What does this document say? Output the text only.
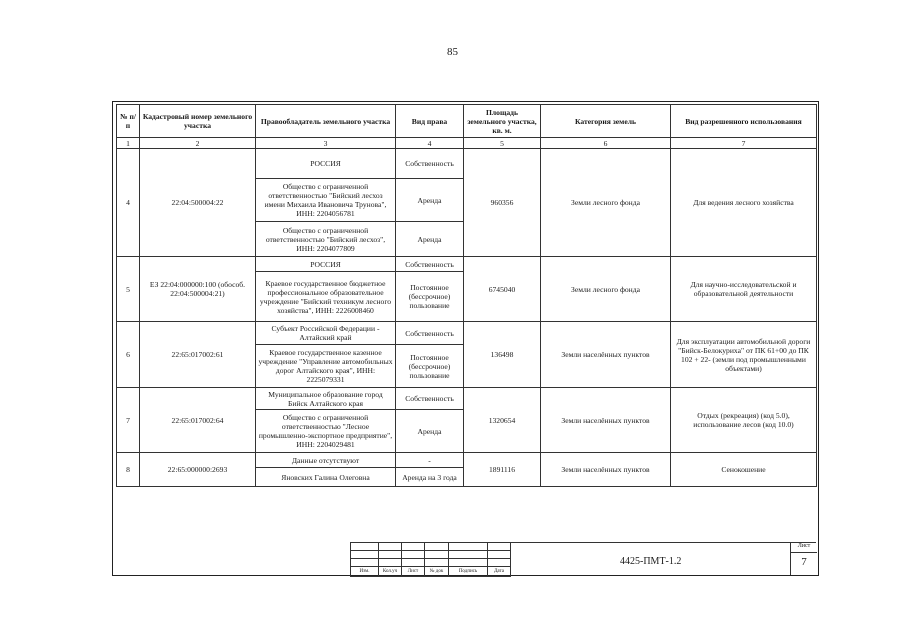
85
№ п/п	Кадастровый номер земельного участка	Правообладатель земельного участка	Вид права	Площадь земельного участка, кв. м.	Категория земель	Вид разрешенного использования
1	2	3	4	5	6	7
4	22:04:500004:22	РОССИЯ	Собственность	960356	Земли лесного фонда	Для ведения лесного хозяйства
		Общество с ограниченной ответственностью "Бийский лесхоз имени Михаила Ивановича Трунова", ИНН: 2204056781	Аренда			
		Общество с ограниченной ответственностью "Бийский лесхоз", ИНН: 2204077809	Аренда			
5	ЕЗ 22:04:000000:100 (обособ. 22:04:500004:21)	РОССИЯ	Собственность	6745040	Земли лесного фонда	Для научно-исследовательской и образовательной деятельности
		Краевое государственное бюджетное профессиональное образовательное учреждение "Бийский техникум лесного хозяйства", ИНН: 2226008460	Постоянное (бессрочное) пользование			
6	22:65:017002:61	Субъект Российской Федерации - Алтайский край	Собственность	136498	Земли населённых пунктов	Для эксплуатации автомобильной дороги "Бийск-Белокуриха" от ПК 61+00 до ПК 102 + 22- (земли под промышленными объектами)
		Краевое государственное казенное учреждение "Управление автомобильных дорог Алтайского края", ИНН: 2225079331	Постоянное (бессрочное) пользование			
7	22:65:017002:64	Муниципальное образование город Бийск Алтайского края	Собственность	1320654	Земли населённых пунктов	Отдых (рекреация) (код 5.0), использование лесов (код 10.0)
		Общество с ограниченной ответственностью "Лесное промышленно-экспортное предприятие", ИНН: 2204029481	Аренда			
8	22:65:000000:2693	Данные отсутствуют	-	1891116	Земли населённых пунктов	Сенокошение
		Яновских Галина Олеговна	Аренда на 3 года			

Изм.	Кол.уч	Лист	№ док	Подпись	Дата
4425-ПМТ-1.2
Лист
7
